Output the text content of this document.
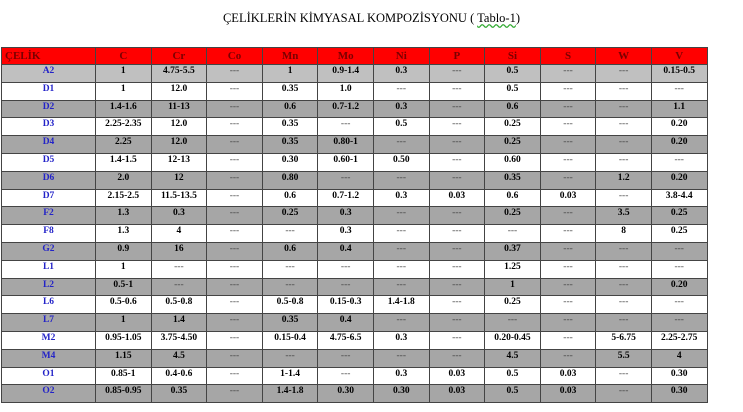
ÇELİKLERİN KİMYASAL KOMPOZİSYONU ( Tablo-1)
ÇELİK	C	Cr	Co	Mn	Mo	Ni	P	Si	S	W	V
A2	1	4.75-5.5	---	1	0.9-1.4	0.3	---	0.5	---	---	0.15-0.5
D1	1	12.0	---	0.35	1.0	---	---	0.5	---	---	---
D2	1.4-1.6	11-13	---	0.6	0.7-1.2	0.3	---	0.6	---	---	1.1
D3	2.25-2.35	12.0	---	0.35	---	0.5	---	0.25	---	---	0.20
D4	2.25	12.0	---	0.35	0.80-1	---	---	0.25	---	---	0.20
D5	1.4-1.5	12-13	---	0.30	0.60-1	0.50	---	0.60	---	---	---
D6	2.0	12	---	0.80	---	---	---	0.35	---	1.2	0.20
D7	2.15-2.5	11.5-13.5	---	0.6	0.7-1.2	0.3	0.03	0.6	0.03	---	3.8-4.4
F2	1.3	0.3	---	0.25	0.3	---	---	0.25	---	3.5	0.25
F8	1.3	4	---	---	0.3	---	---	---	---	8	0.25
G2	0.9	16	---	0.6	0.4	---	---	0.37	---	---	---
L1	1	---	---	---	---	---	---	1.25	---	---	---
L2	0.5-1	---	---	---	---	---	---	1	---	---	0.20
L6	0.5-0.6	0.5-0.8	---	0.5-0.8	0.15-0.3	1.4-1.8	---	0.25	---	---	---
L7	1	1.4	---	0.35	0.4	---	---	---	---	---	---
M2	0.95-1.05	3.75-4.50	---	0.15-0.4	4.75-6.5	0.3	---	0.20-0.45	---	5-6.75	2.25-2.75
M4	1.15	4.5	---	---	---	---	---	4.5	---	5.5	4
O1	0.85-1	0.4-0.6	---	1-1.4	---	0.3	0.03	0.5	0.03	---	0.30
O2	0.85-0.95	0.35	---	1.4-1.8	0.30	0.30	0.03	0.5	0.03	---	0.30
